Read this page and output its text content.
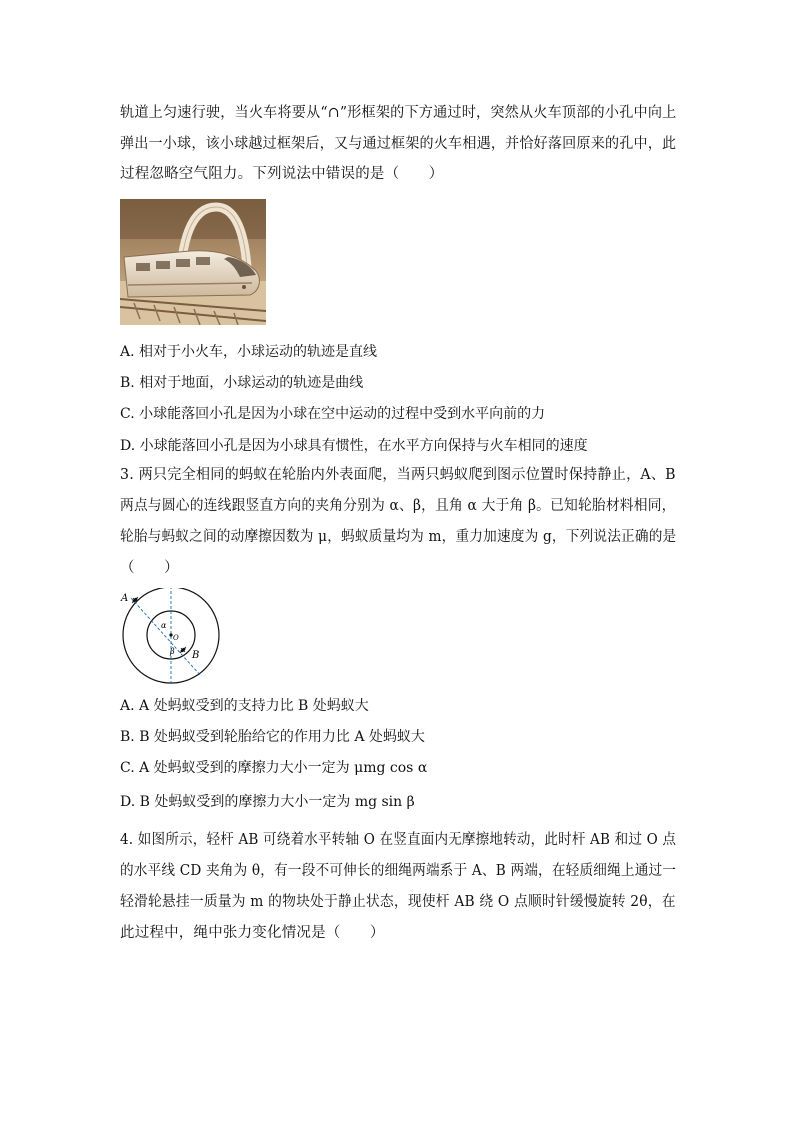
轨道上匀速行驶，当火车将要从“∩”形框架的下方通过时，突然从火车顶部的小孔中向上
弹出一小球，该小球越过框架后，又与通过框架的火车相遇，并恰好落回原来的孔中，此
过程忽略空气阻力。下列说法中错误的是（　　）
A. 相对于小火车，小球运动的轨迹是直线
B. 相对于地面，小球运动的轨迹是曲线
C. 小球能落回小孔是因为小球在空中运动的过程中受到水平向前的力
D. 小球能落回小孔是因为小球具有惯性，在水平方向保持与火车相同的速度
3. 两只完全相同的蚂蚁在轮胎内外表面爬，当两只蚂蚁爬到图示位置时保持静止，A、B
两点与圆心的连线跟竖直方向的夹角分别为 α、β，且角 α 大于角 β。已知轮胎材料相同，
轮胎与蚂蚁之间的动摩擦因数为 μ，蚂蚁质量均为 m，重力加速度为 g，下列说法正确的是
（　　）
A
B
α
β
O
A. A 处蚂蚁受到的支持力比 B 处蚂蚁大
B. B 处蚂蚁受到轮胎给它的作用力比 A 处蚂蚁大
C. A 处蚂蚁受到的摩擦力大小一定为 μmg cos α
D. B 处蚂蚁受到的摩擦力大小一定为 mg sin β
4. 如图所示，轻杆 AB 可绕着水平转轴 O 在竖直面内无摩擦地转动，此时杆 AB 和过 O 点
的水平线 CD 夹角为 θ，有一段不可伸长的细绳两端系于 A、B 两端，在轻质细绳上通过一
轻滑轮悬挂一质量为 m 的物块处于静止状态，现使杆 AB 绕 O 点顺时针缓慢旋转 2θ，在
此过程中，绳中张力变化情况是（　　）
